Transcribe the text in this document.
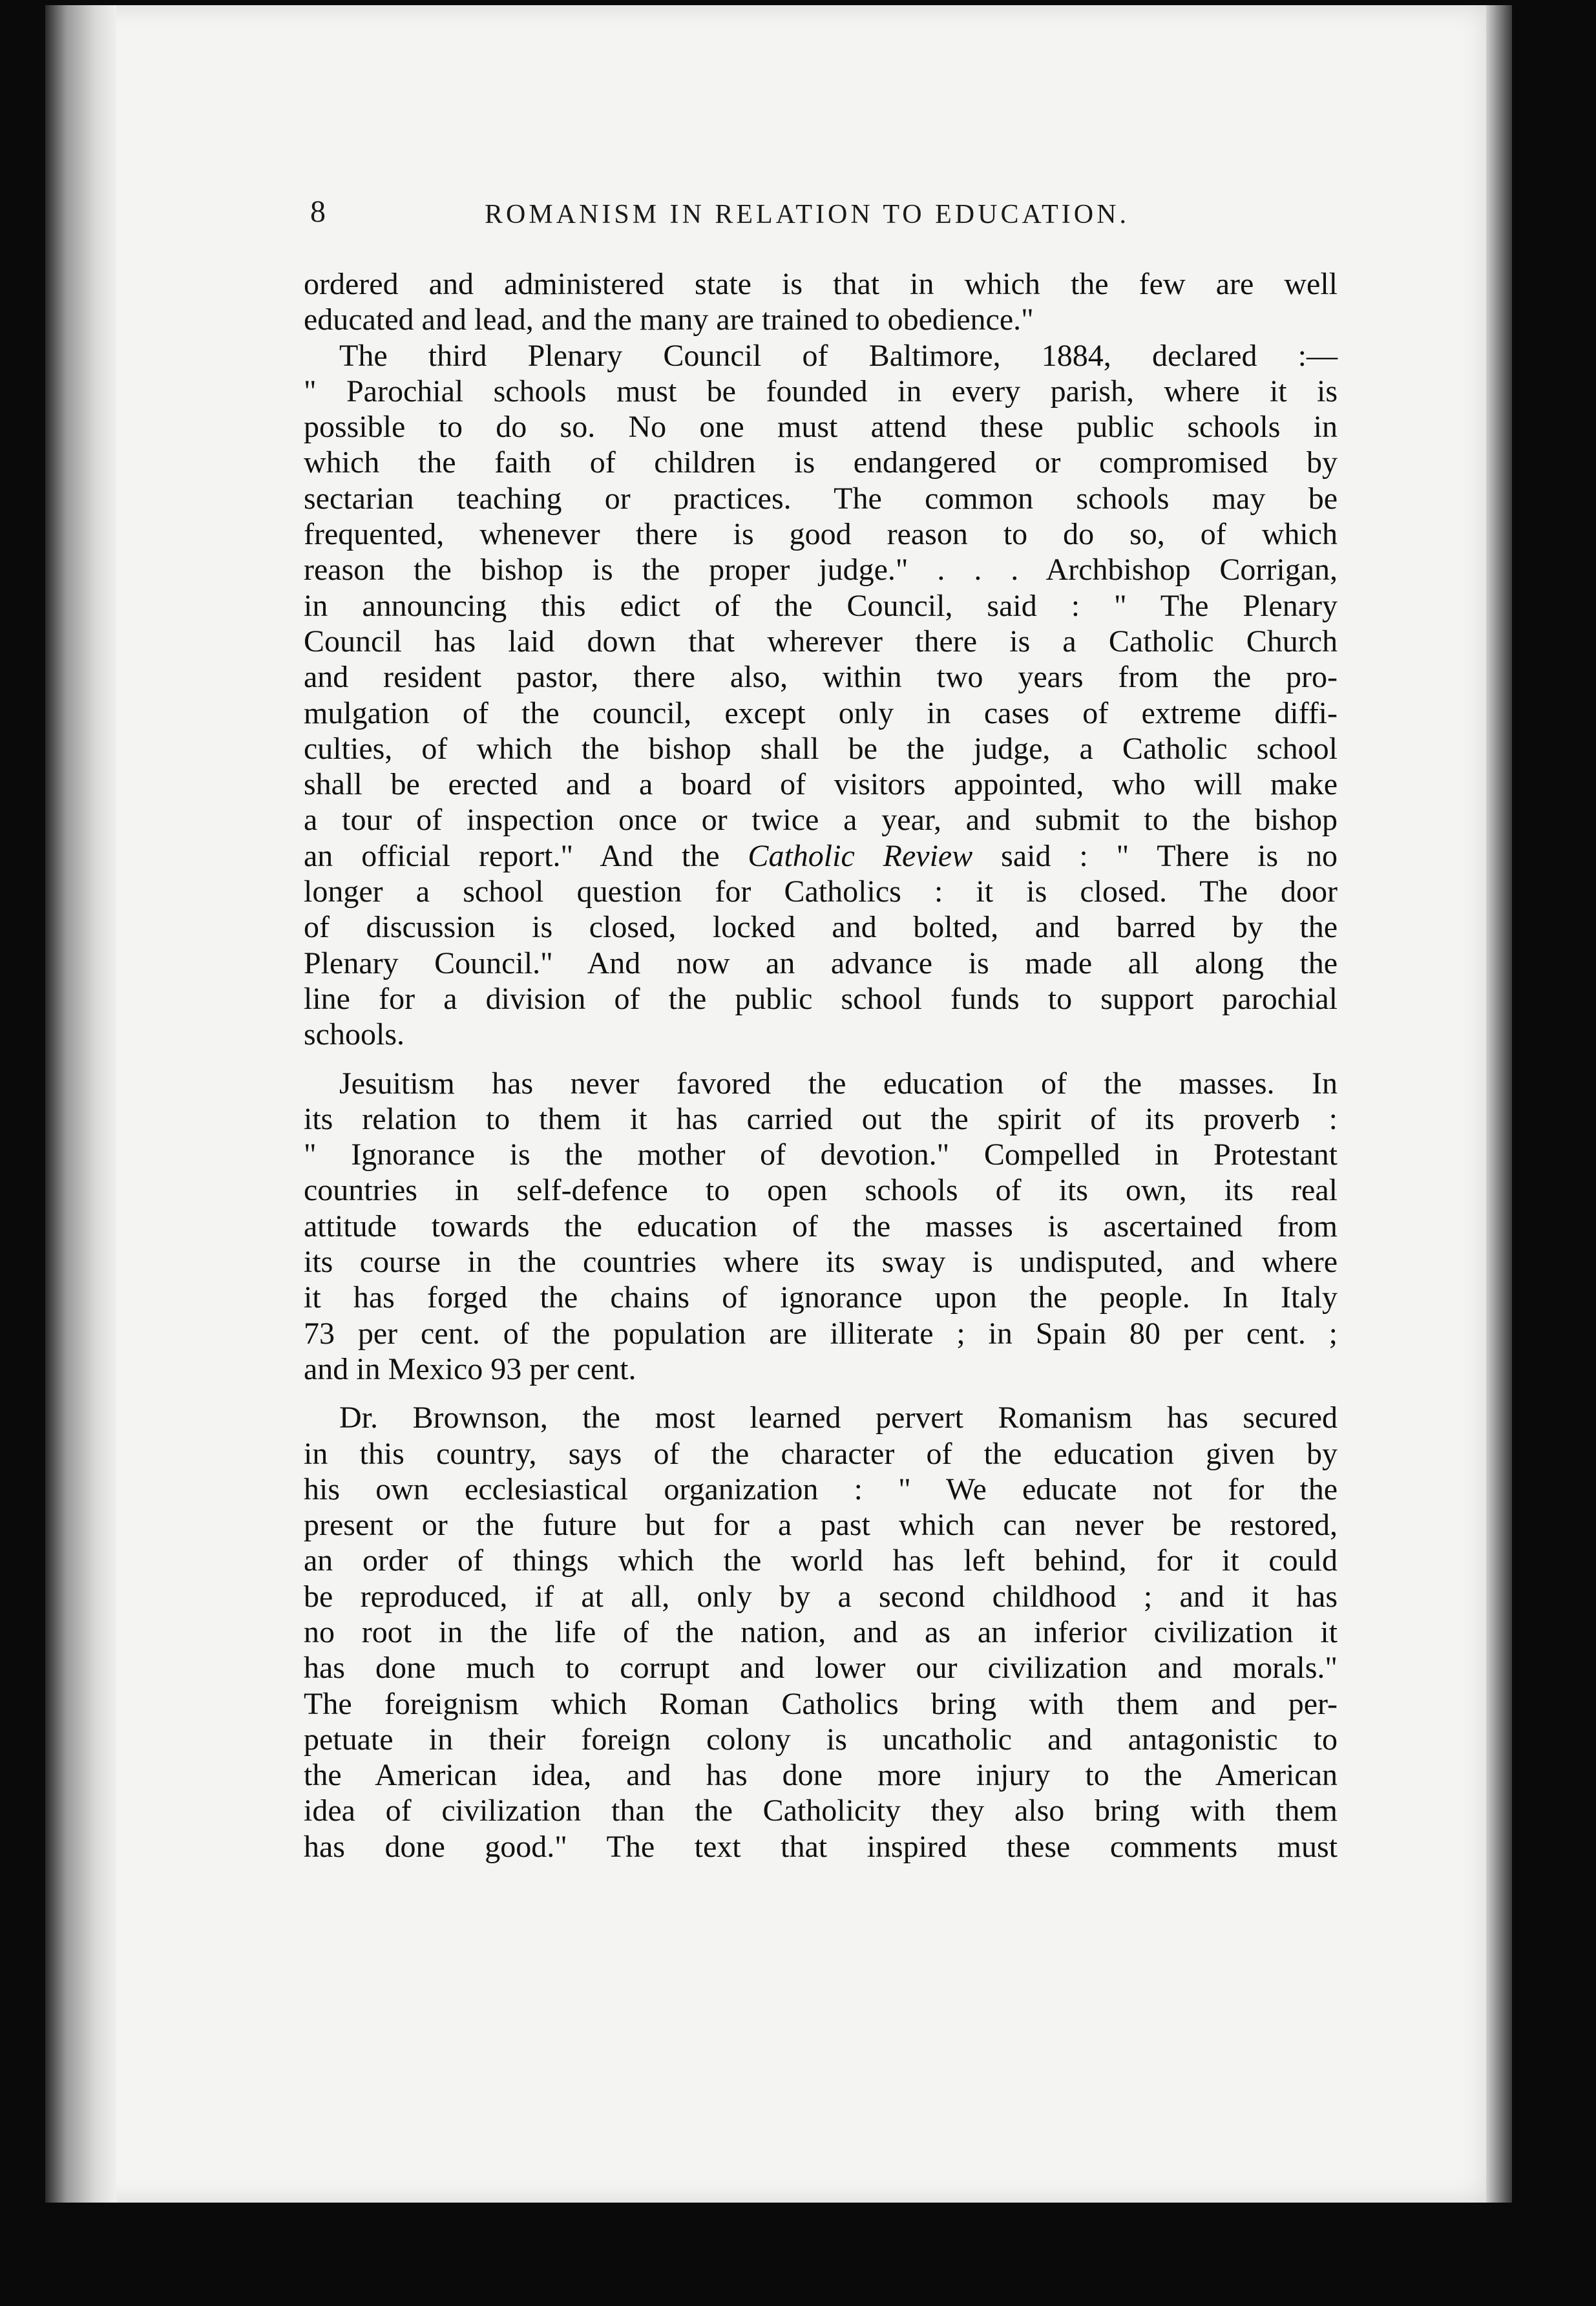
8	ROMANISM IN RELATION TO EDUCATION.
ordered and administered state is that in which the few are well
educated and lead, and the many are trained to obedience."
The third Plenary Council of Baltimore, 1884, declared :—
" Parochial schools must be founded in every parish, where it is
possible to do so. No one must attend these public schools in
which the faith of children is endangered or compromised by
sectarian teaching or practices. The common schools may be
frequented, whenever there is good reason to do so, of which
reason the bishop is the proper judge." . . . Archbishop Corrigan,
in announcing this edict of the Council, said : " The Plenary
Council has laid down that wherever there is a Catholic Church
and resident pastor, there also, within two years from the pro-
mulgation of the council, except only in cases of extreme diffi-
culties, of which the bishop shall be the judge, a Catholic school
shall be erected and a board of visitors appointed, who will make
a tour of inspection once or twice a year, and submit to the bishop
an official report." And the Catholic Review said : " There is no
longer a school question for Catholics : it is closed. The door
of discussion is closed, locked and bolted, and barred by the
Plenary Council." And now an advance is made all along the
line for a division of the public school funds to support parochial
schools.
Jesuitism has never favored the education of the masses. In
its relation to them it has carried out the spirit of its proverb :
" Ignorance is the mother of devotion." Compelled in Protestant
countries in self-defence to open schools of its own, its real
attitude towards the education of the masses is ascertained from
its course in the countries where its sway is undisputed, and where
it has forged the chains of ignorance upon the people. In Italy
73 per cent. of the population are illiterate ; in Spain 80 per cent. ;
and in Mexico 93 per cent.
Dr. Brownson, the most learned pervert Romanism has secured
in this country, says of the character of the education given by
his own ecclesiastical organization : " We educate not for the
present or the future but for a past which can never be restored,
an order of things which the world has left behind, for it could
be reproduced, if at all, only by a second childhood ; and it has
no root in the life of the nation, and as an inferior civilization it
has done much to corrupt and lower our civilization and morals."
The foreignism which Roman Catholics bring with them and per-
petuate in their foreign colony is uncatholic and antagonistic to
the American idea, and has done more injury to the American
idea of civilization than the Catholicity they also bring with them
has done good." The text that inspired these comments must
